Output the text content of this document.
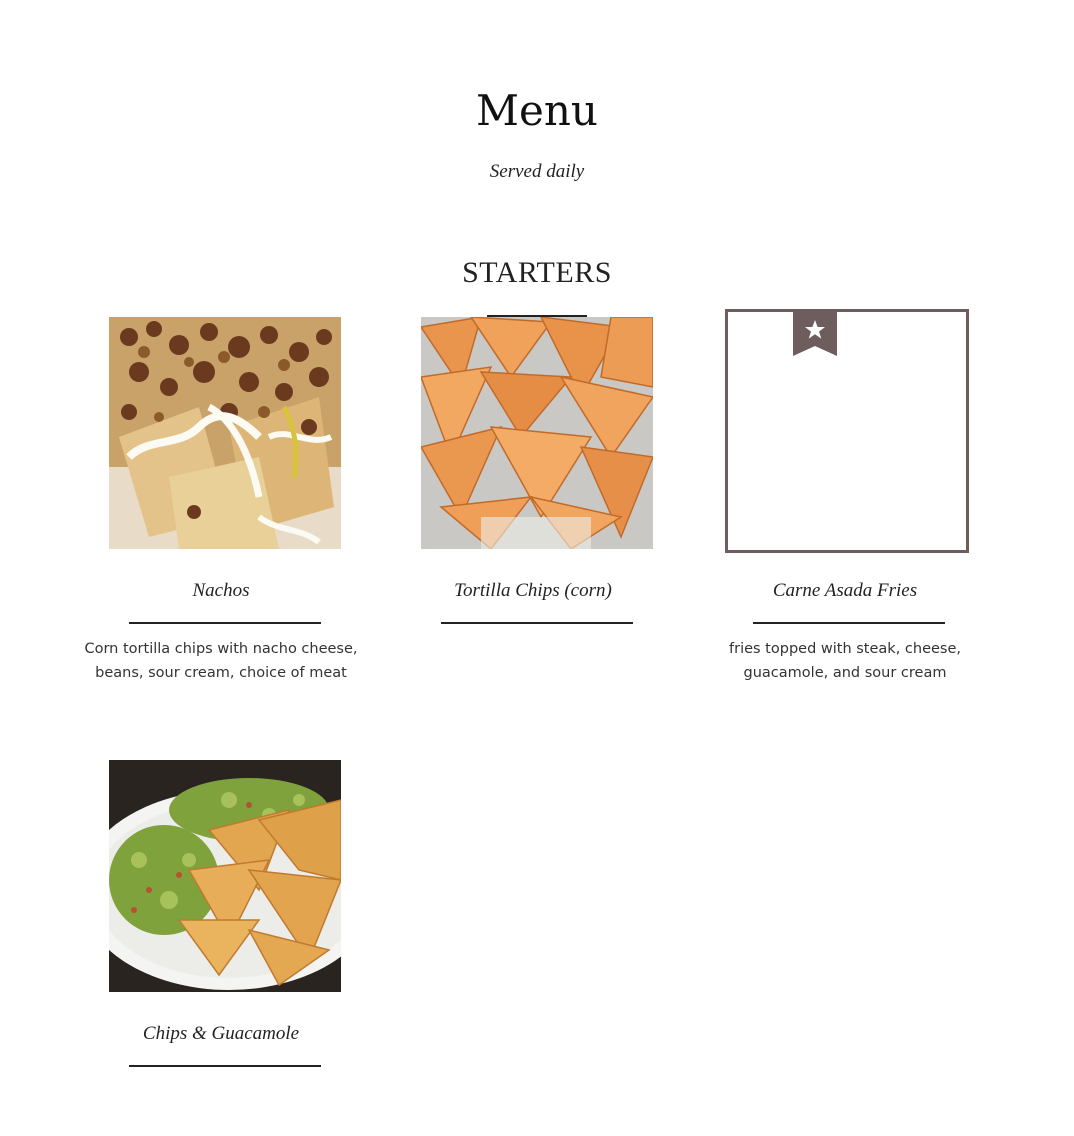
Menu
Served daily
STARTERS
Nachos
Corn tortilla chips with nacho cheese,
beans, sour cream, choice of meat
Tortilla Chips (corn)	Carne Asada Fries
fries topped with steak, cheese,
guacamole, and sour cream
Chips & Guacamole
